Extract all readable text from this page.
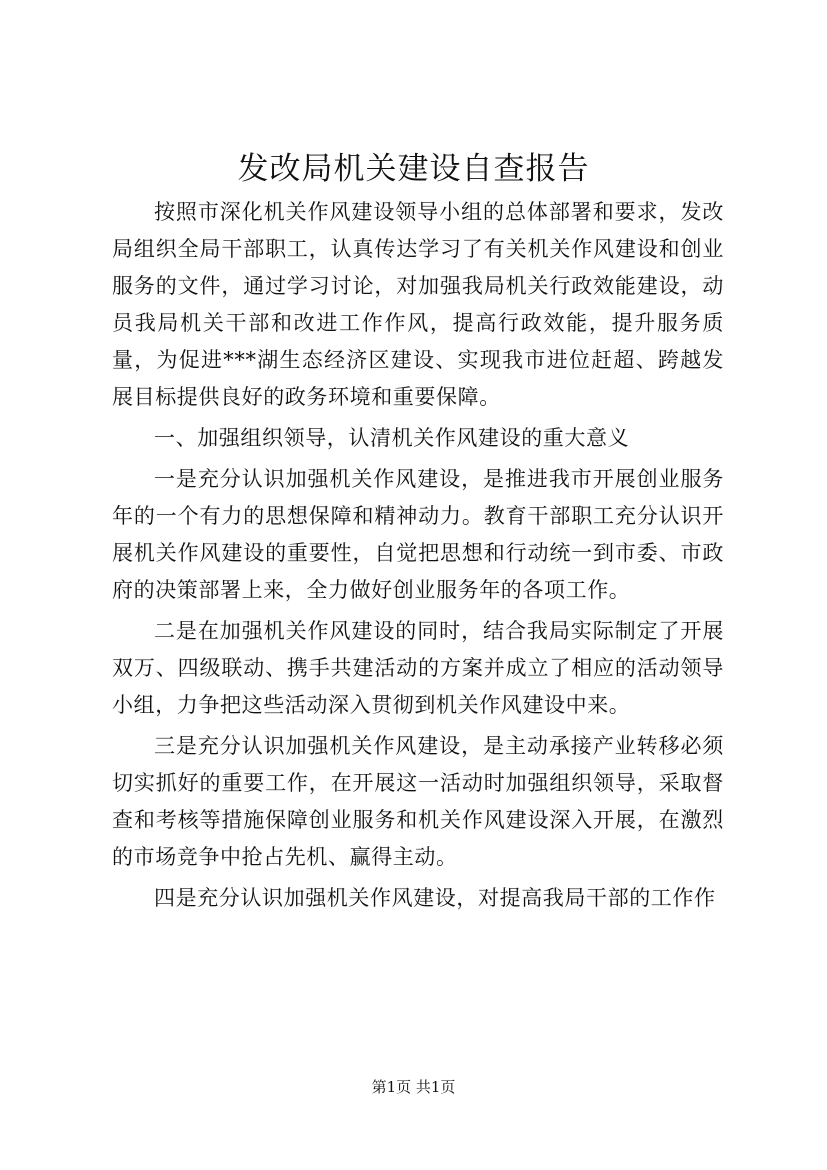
发改局机关建设自查报告

按照市深化机关作风建设领导小组的总体部署和要求，发改局组织全局干部职工，认真传达学习了有关机关作风建设和创业服务的文件，通过学习讨论，对加强我局机关行政效能建设，动员我局机关干部和改进工作作风，提高行政效能，提升服务质量，为促进***湖生态经济区建设、实现我市进位赶超、跨越发展目标提供良好的政务环境和重要保障。

一、加强组织领导，认清机关作风建设的重大意义

一是充分认识加强机关作风建设，是推进我市开展创业服务年的一个有力的思想保障和精神动力。教育干部职工充分认识开展机关作风建设的重要性，自觉把思想和行动统一到市委、市政府的决策部署上来，全力做好创业服务年的各项工作。

二是在加强机关作风建设的同时，结合我局实际制定了开展双万、四级联动、携手共建活动的方案并成立了相应的活动领导小组，力争把这些活动深入贯彻到机关作风建设中来。

三是充分认识加强机关作风建设，是主动承接产业转移必须切实抓好的重要工作，在开展这一活动时加强组织领导，采取督查和考核等措施保障创业服务和机关作风建设深入开展，在激烈的市场竞争中抢占先机、赢得主动。

四是充分认识加强机关作风建设，对提高我局干部的工作作

第1页 共1页
